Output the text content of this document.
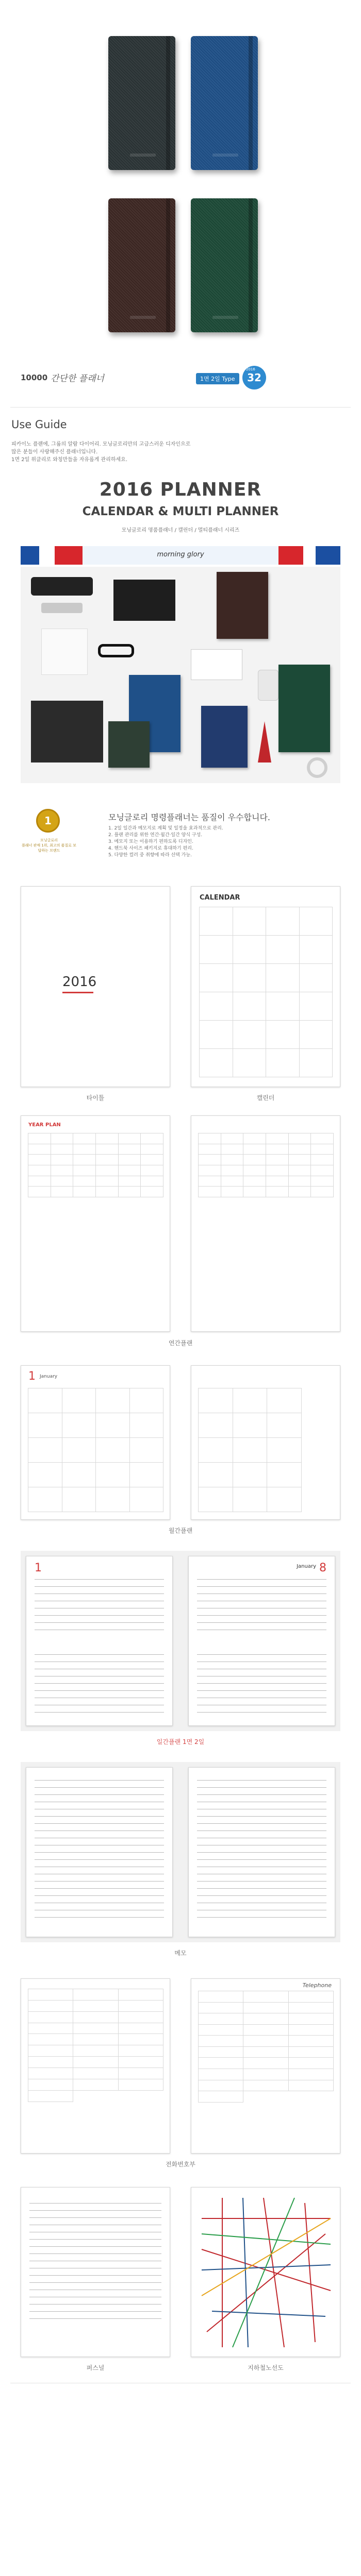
10000 간단한 플래너	1면 2일 Type	32
2016
Use Guide
피카이노 플랜에, 그룹의 알람 다이어리. 모닝글로리만의 고급스러운 디자인으로
많은 분들이 사랑해주신 플래너입니다.
1면 2일 위클리로 와칭만들을 자유롭게 관리하세요.
2016 PLANNER
CALENDAR & MULTI PLANNER
모닝글로리 명품플래너 / 캘린더 / 멀티플래너 시리즈
morning glory
1
모닝글로리
플래너 판매 1위, 최고의 품질로 보답하는 브랜드
모닝글로리 명령플래너는 품질이 우수합니다.
1. 2일 일간과 메모지로 계획 및 일정을 효과적으로 관리.
2. 플랜 관리를 위한 연간·월간·일간 양식 구성.
3. 메모지 또는 이용하기 편하도록 디자인.
4. 핸드북 사이즈 패키지로 휴대하기 편리.
5. 다양한 컬러 중 취향에 따라 선택 가능.
2016
CALENDAR
타이틀	캘린더
YEAR PLAN
연간플랜
1 January
월간플랜
1	January 8
일간플랜 1면 2일
메모
Telephone
전화번호부
퍼스널	지하철노선도
